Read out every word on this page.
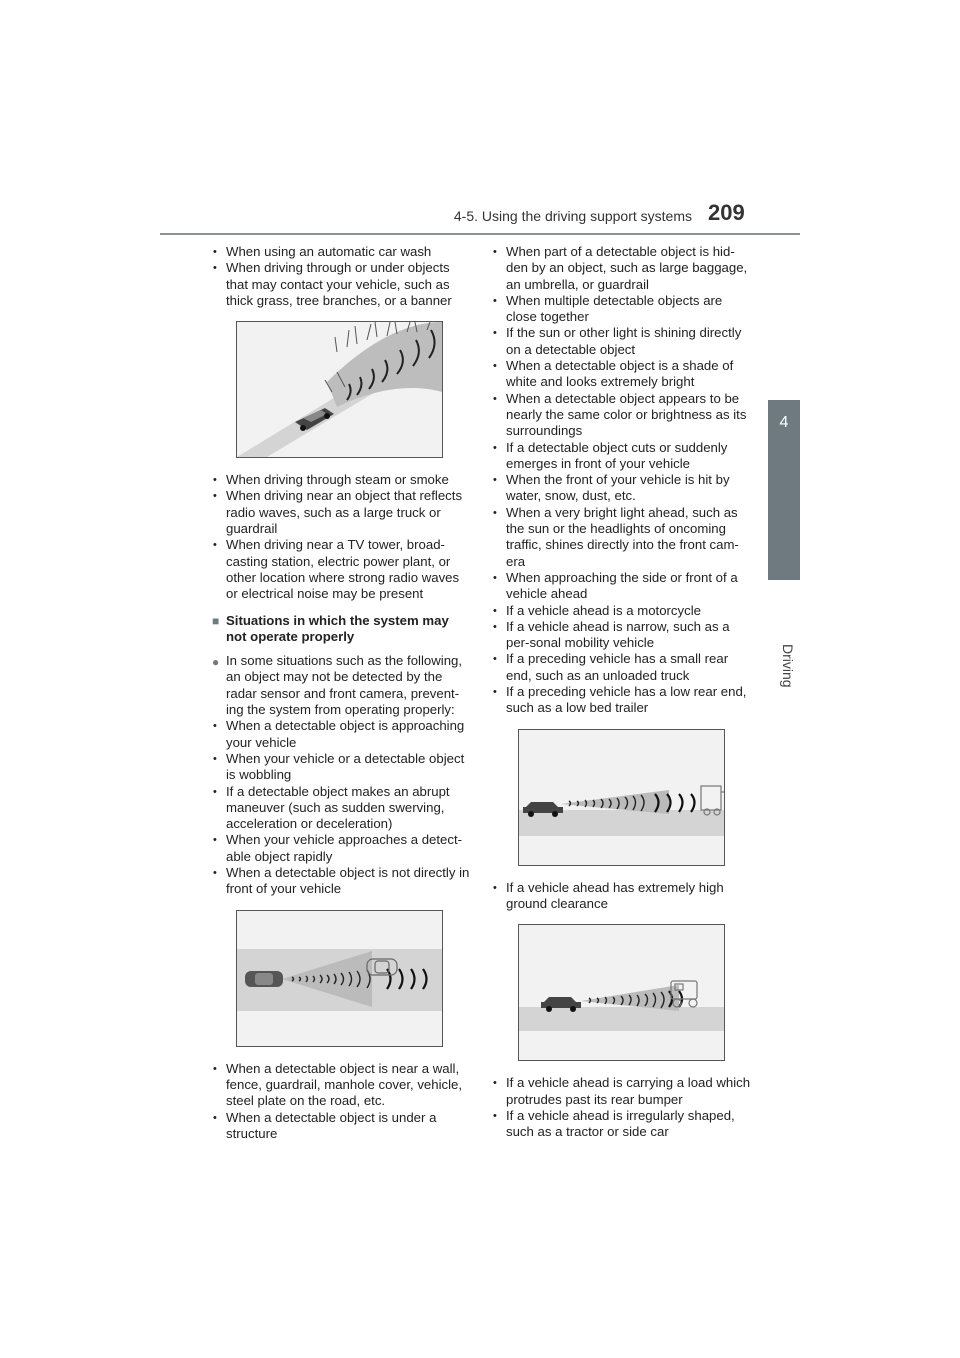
4-5. Using the driving support systems 209
4
Driving
• When using an automatic car wash
• When driving through or under objects that may contact your vehicle, such as thick grass, tree branches, or a banner
• When driving through steam or smoke
• When driving near an object that reflects radio waves, such as a large truck or guardrail
• When driving near a TV tower, broad-casting station, electric power plant, or other location where strong radio waves or electrical noise may be present
■ Situations in which the system may not operate properly
● In some situations such as the following, an object may not be detected by the radar sensor and front camera, prevent-ing the system from operating properly:
• When a detectable object is approaching your vehicle
• When your vehicle or a detectable object is wobbling
• If a detectable object makes an abrupt maneuver (such as sudden swerving, acceleration or deceleration)
• When your vehicle approaches a detect-able object rapidly
• When a detectable object is not directly in front of your vehicle
• When a detectable object is near a wall, fence, guardrail, manhole cover, vehicle, steel plate on the road, etc.
• When a detectable object is under a structure
• When part of a detectable object is hid-den by an object, such as large baggage, an umbrella, or guardrail
• When multiple detectable objects are close together
• If the sun or other light is shining directly on a detectable object
• When a detectable object is a shade of white and looks extremely bright
• When a detectable object appears to be nearly the same color or brightness as its surroundings
• If a detectable object cuts or suddenly emerges in front of your vehicle
• When the front of your vehicle is hit by water, snow, dust, etc.
• When a very bright light ahead, such as the sun or the headlights of oncoming traffic, shines directly into the front cam-era
• When approaching the side or front of a vehicle ahead
• If a vehicle ahead is a motorcycle
• If a vehicle ahead is narrow, such as a per-sonal mobility vehicle
• If a preceding vehicle has a small rear end, such as an unloaded truck
• If a preceding vehicle has a low rear end, such as a low bed trailer
• If a vehicle ahead has extremely high ground clearance
• If a vehicle ahead is carrying a load which protrudes past its rear bumper
• If a vehicle ahead is irregularly shaped, such as a tractor or side car
